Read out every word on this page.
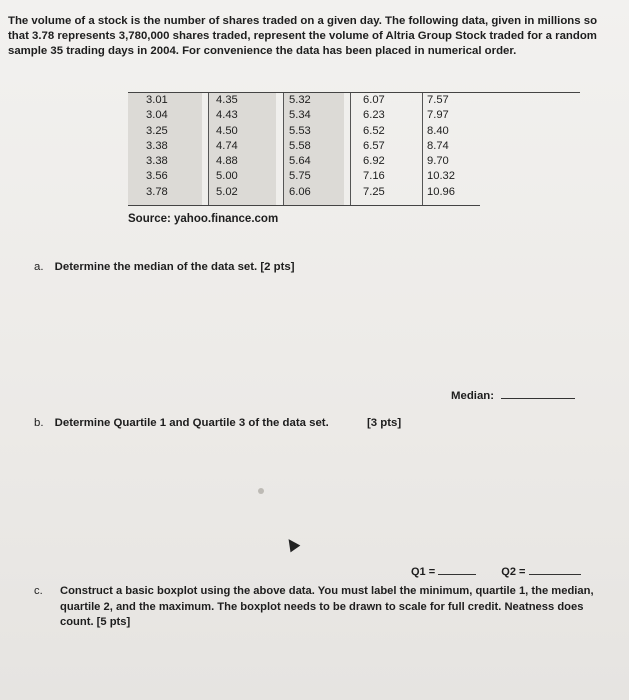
The volume of a stock is the number of shares traded on a given day. The following data, given in millions so

that 3.78 represents 3,780,000 shares traded, represent the volume of Altria Group Stock traded for a random

sample 35 trading days in 2004. For convenience the data has been placed in numerical order.

3.01
3.04
3.25
3.38
3.38
3.56
3.78
4.35
4.43
4.50
4.74
4.88
5.00
5.02
5.32
5.34
5.53
5.58
5.64
5.75
6.06
6.07
6.23
6.52
6.57
6.92
7.16
7.25
7.57
7.97
8.40
8.74
9.70
10.32
10.96
Source: yahoo.finance.com
a. Determine the median of the data set. [2 pts]
Median:
b. Determine Quartile 1 and Quartile 3 of the data set.	[3 pts]
Q1 =	Q2 =
c. Construct a basic boxplot using the above data. You must label the minimum, quartile 1, the median,
quartile 2, and the maximum. The boxplot needs to be drawn to scale for full credit. Neatness does
count. [5 pts]
